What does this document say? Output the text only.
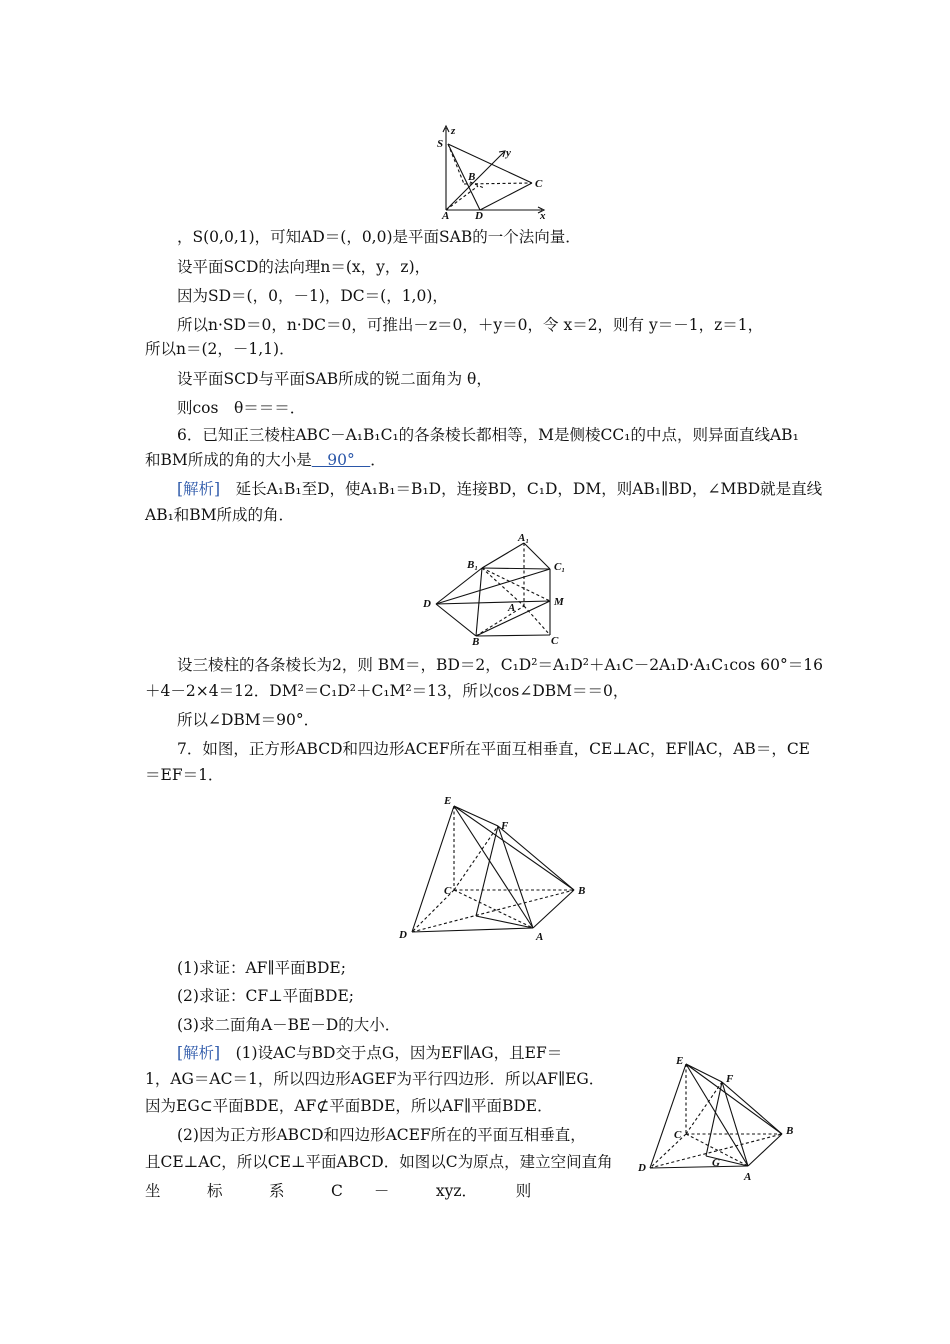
z
S
y
B
C
A D	x
，S(0,0,1)，可知AD＝(，0,0)是平面SAB的一个法向量．
设平面SCD的法向理n＝(x，y，z)，
因为SD＝(，0，－1)，DC＝(，1,0)，
所以n·SD＝0，n·DC＝0，可推出－z＝0，＋y＝0，令 x＝2，则有 y＝－1，z＝1，
所以n＝(2，－1,1)．
设平面SCD与平面SAB所成的锐二面角为 θ，
则cos　θ＝＝＝．
6．已知正三棱柱ABC－A₁B₁C₁的各条棱长都相等，M是侧棱CC₁的中点，则异面直线AB₁
和BM所成的角的大小是　90°　．
[解析]　延长A₁B₁至D，使A₁B₁＝B₁D，连接BD，C₁D，DM，则AB₁∥BD，∠MBD就是直线
AB₁和BM所成的角．
A₁
B₁	C₁
D	A	M
B	C
设三棱柱的各条棱长为2，则 BM＝，BD＝2，C₁D²＝A₁D²＋A₁C－2A₁D·A₁C₁cos 60°＝16
＋4－2×4＝12．DM²＝C₁D²＋C₁M²＝13，所以cos∠DBM＝＝0，
所以∠DBM＝90°．
7．如图，正方形ABCD和四边形ACEF所在平面互相垂直，CE⊥AC，EF∥AC，AB＝，CE
＝EF＝1．
E
F
C	B
D	A
(1)求证：AF∥平面BDE;
(2)求证：CF⊥平面BDE;
(3)求二面角A－BE－D的大小．
[解析]　(1)设AC与BD交于点G，因为EF∥AG，且EF＝
1，AG＝AC＝1，所以四边形AGEF为平行四边形．所以AF∥EG．
因为EG⊂平面BDE，AF⊄平面BDE，所以AF∥平面BDE．
(2)因为正方形ABCD和四边形ACEF所在的平面互相垂直，
且CE⊥AC，所以CE⊥平面ABCD．如图以C为原点，建立空间直角
坐　　　标　　　系　　　C　　－　　　xyz．　　　则
E
F
C	B
G
D
A
